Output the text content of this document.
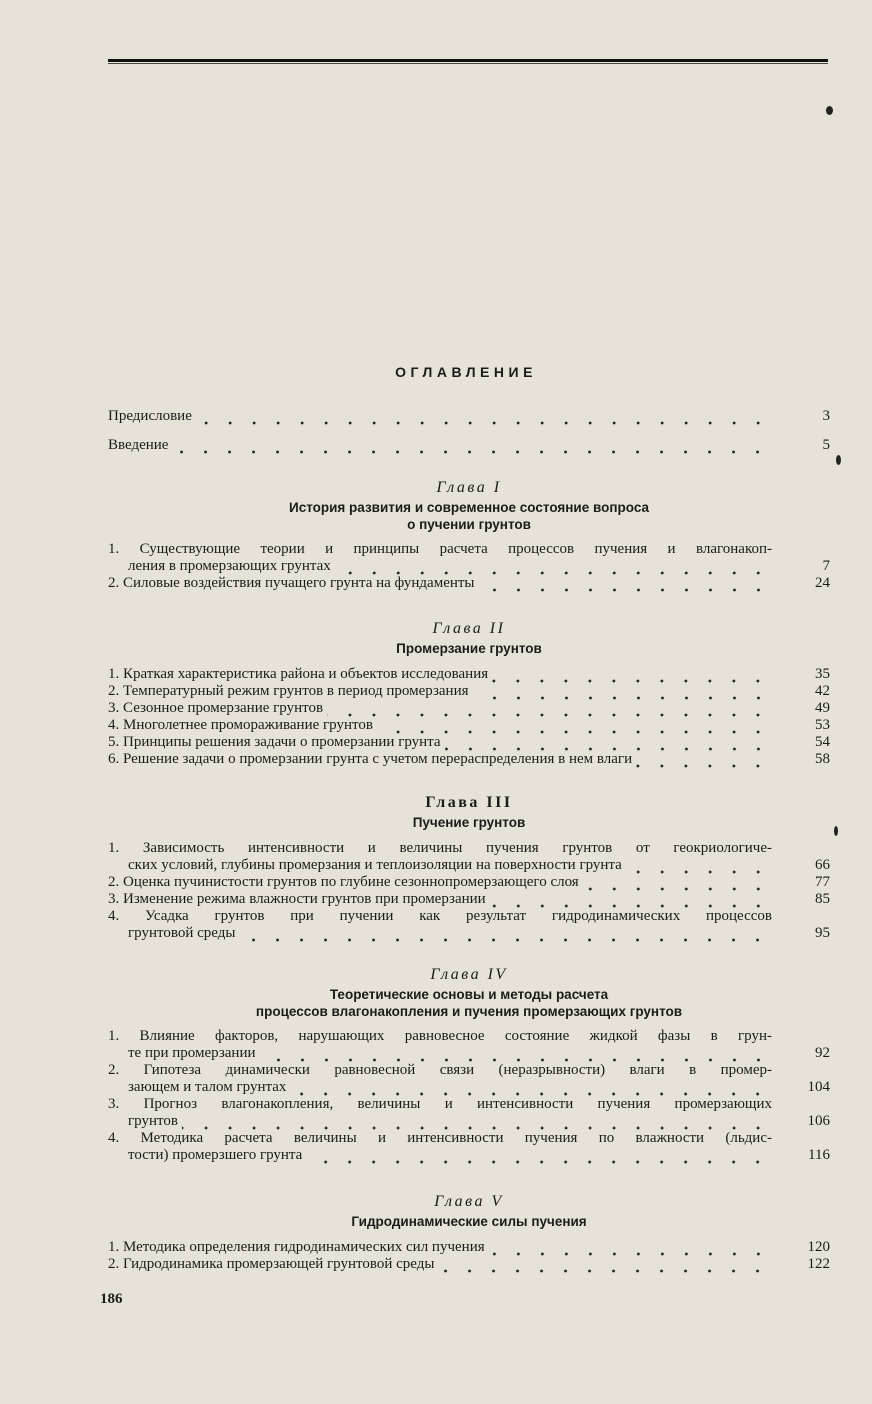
ОГЛАВЛЕНИЕ
Предисловие	3
Введение	5
Глава I
История развития и современное состояние вопроса
о пучении грунтов
1. Существующие теории и принципы расчета процессов пучения и влагонакоп-
ления в промерзающих грунтах	7
2. Силовые воздействия пучащего грунта на фундаменты	24
Глава II
Промерзание грунтов
1. Краткая характеристика района и объектов исследования	35
2. Температурный режим грунтов в период промерзания	42
3. Сезонное промерзание грунтов	49
4. Многолетнее промораживание грунтов	53
5. Принципы решения задачи о промерзании грунта	54
6. Решение задачи о промерзании грунта с учетом перераспределения в нем влаги	58
Глава III
Пучение грунтов
1. Зависимость интенсивности и величины пучения грунтов от геокриологиче-
ских условий, глубины промерзания и теплоизоляции на поверхности грунта	66
2. Оценка пучинистости грунтов по глубине сезоннопромерзающего слоя	77
3. Изменение режима влажности грунтов при промерзании	85
4. Усадка грунтов при пучении как результат гидродинамических процессов
грунтовой среды	95
Глава IV
Теоретические основы и методы расчета
процессов влагонакопления и пучения промерзающих грунтов
1. Влияние факторов, нарушающих равновесное состояние жидкой фазы в грун-
те при промерзании	92
2. Гипотеза динамически равновесной связи (неразрывности) влаги в промер-
зающем и талом грунтах	104
3. Прогноз влагонакопления, величины и интенсивности пучения промерзающих
грунтов	106
4. Методика расчета величины и интенсивности пучения по влажности (льдис-
тости) промерзшего грунта	116
Глава V
Гидродинамические силы пучения
1. Методика определения гидродинамических сил пучения	120
2. Гидродинамика промерзающей грунтовой среды	122
186
